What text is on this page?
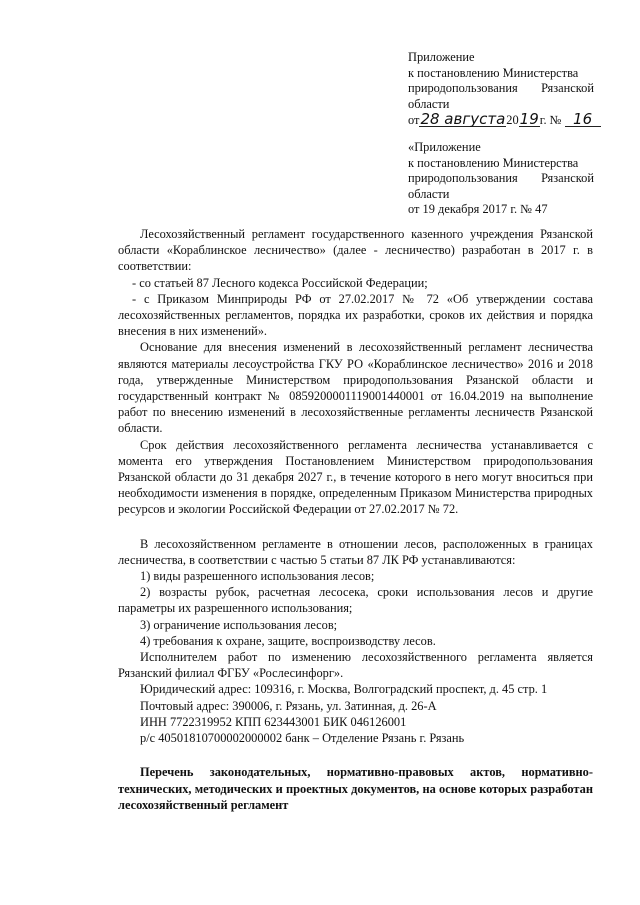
Приложение
к постановлению Министерства
природопользования Рязанской
области
от28 августа2019г. № 16
«Приложение
к постановлению Министерства
природопользования Рязанской
области
от 19 декабря 2017 г. № 47

Лесохозяйственный регламент государственного казенного учреждения Рязанской области «Кораблинское лесничество» (далее - лесничество) разработан в 2017 г. в соответствии:

- со статьей 87 Лесного кодекса Российской Федерации;

- с Приказом Минприроды РФ от 27.02.2017 № 72 «Об утверждении состава лесохозяйственных регламентов, порядка их разработки, сроков их действия и порядка внесения в них изменений».

Основание для внесения изменений в лесохозяйственный регламент лесничества являются материалы лесоустройства ГКУ РО «Кораблинское лесничество» 2016 и 2018 года, утвержденные Министерством природопользования Рязанской области и государственный контракт № 0859200001119001440001 от 16.04.2019 на выполнение работ по внесению изменений в лесохозяйственные регламенты лесничеств Рязанской области.

Срок действия лесохозяйственного регламента лесничества устанавливается с момента его утверждения Постановлением Министерством природопользования Рязанской области до 31 декабря 2027 г., в течение которого в него могут вноситься при необходимости изменения в порядке, определенным Приказом Министерства природных ресурсов и экологии Российской Федерации от 27.02.2017 № 72.

В лесохозяйственном регламенте в отношении лесов, расположенных в границах лесничества, в соответствии с частью 5 статьи 87 ЛК РФ устанавливаются:

1) виды разрешенного использования лесов;

2) возрасты рубок, расчетная лесосека, сроки использования лесов и другие параметры их разрешенного использования;

3) ограничение использования лесов;

4) требования к охране, защите, воспроизводству лесов.

Исполнителем работ по изменению лесохозяйственного регламента является Рязанский филиал ФГБУ «Рослесинфорг».

Юридический адрес: 109316, г. Москва, Волгоградский проспект, д. 45 стр. 1
Почтовый адрес: 390006, г. Рязань, ул. Затинная, д. 26-А
ИНН 7722319952 КПП 623443001 БИК 046126001
р/с 40501810700002000002 банк – Отделение Рязань г. Рязань

Перечень законодательных, нормативно-правовых актов, нормативно-технических, методических и проектных документов, на основе которых разработан лесохозяйственный регламент
